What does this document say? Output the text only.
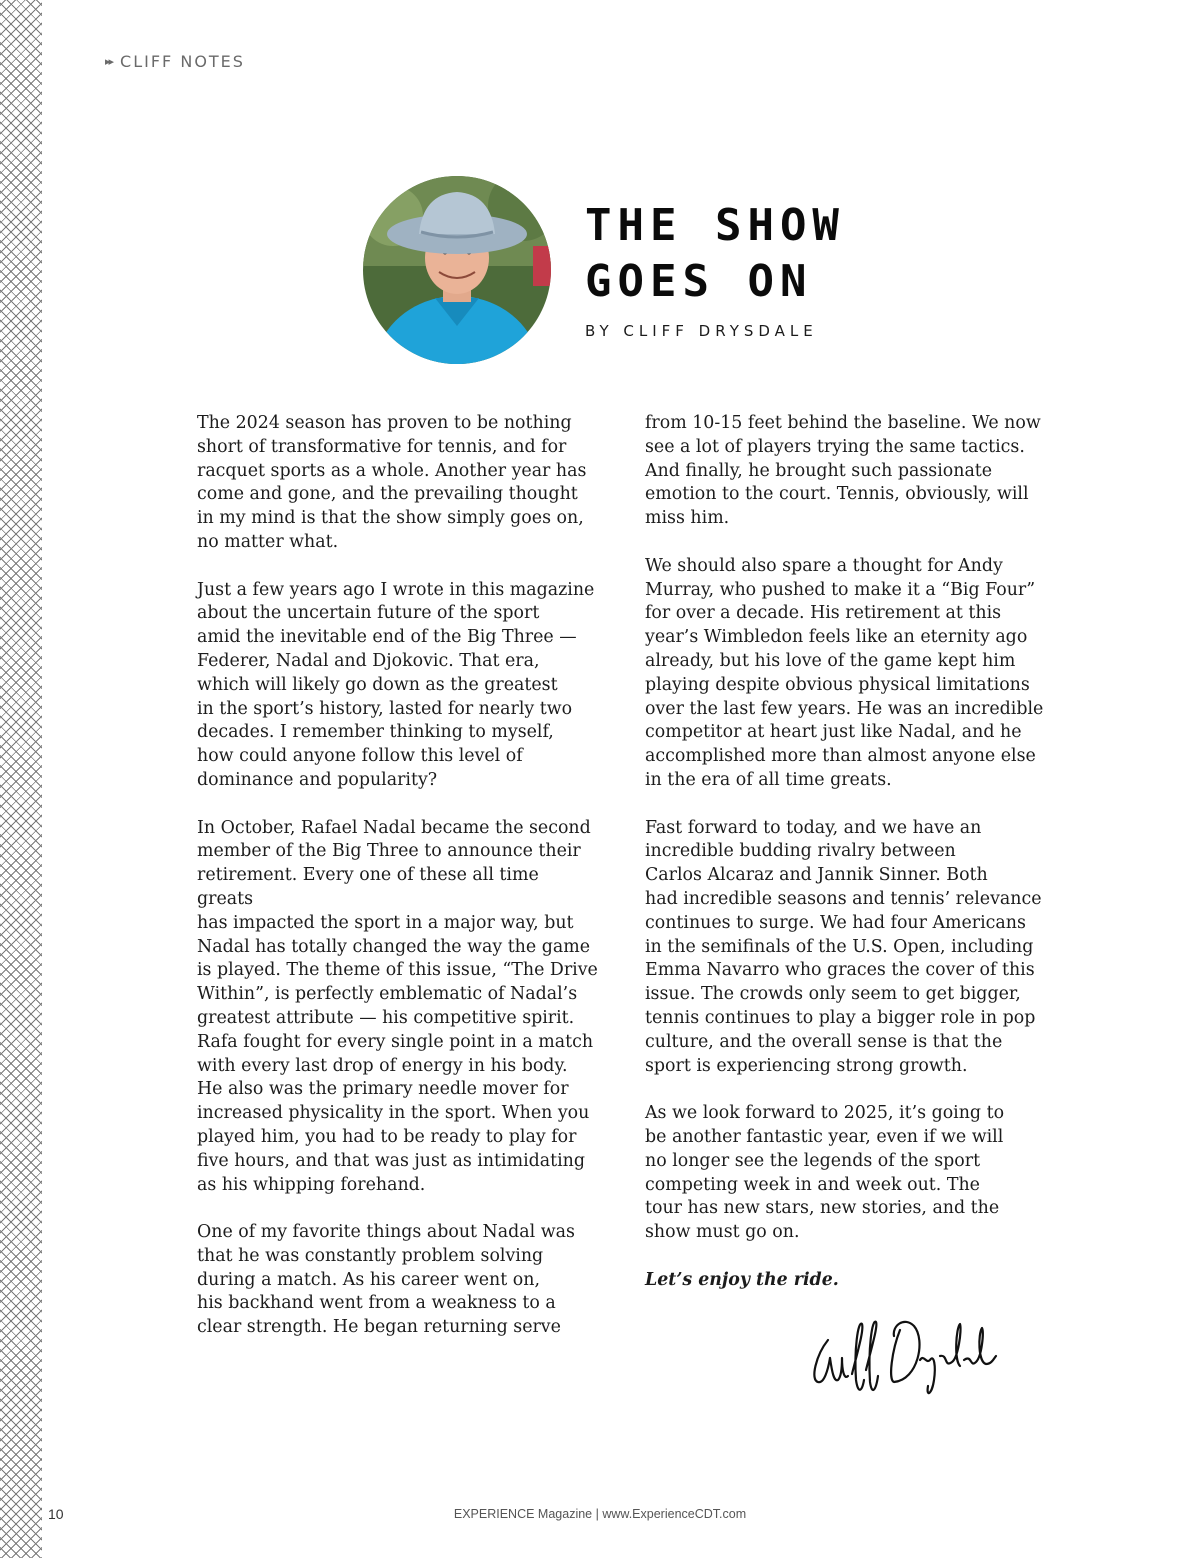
▸▸ CLIFF NOTES
THE SHOW
GOES ON
BY CLIFF DRYSDALE

The 2024 season has proven to be nothing
short of transformative for tennis, and for
racquet sports as a whole. Another year has
come and gone, and the prevailing thought
in my mind is that the show simply goes on,
no matter what.

Just a few years ago I wrote in this magazine
about the uncertain future of the sport
amid the inevitable end of the Big Three —
Federer, Nadal and Djokovic. That era,
which will likely go down as the greatest
in the sport’s history, lasted for nearly two
decades. I remember thinking to myself,
how could anyone follow this level of
dominance and popularity?

In October, Rafael Nadal became the second
member of the Big Three to announce their
retirement. Every one of these all time greats
has impacted the sport in a major way, but
Nadal has totally changed the way the game
is played. The theme of this issue, “The Drive
Within”, is perfectly emblematic of Nadal’s
greatest attribute — his competitive spirit.
Rafa fought for every single point in a match
with every last drop of energy in his body.
He also was the primary needle mover for
increased physicality in the sport. When you
played him, you had to be ready to play for
five hours, and that was just as intimidating
as his whipping forehand.

One of my favorite things about Nadal was
that he was constantly problem solving
during a match. As his career went on,
his backhand went from a weakness to a
clear strength. He began returning serve

from 10-15 feet behind the baseline. We now
see a lot of players trying the same tactics.
And finally, he brought such passionate
emotion to the court. Tennis, obviously, will
miss him.

We should also spare a thought for Andy
Murray, who pushed to make it a “Big Four”
for over a decade. His retirement at this
year’s Wimbledon feels like an eternity ago
already, but his love of the game kept him
playing despite obvious physical limitations
over the last few years. He was an incredible
competitor at heart just like Nadal, and he
accomplished more than almost anyone else
in the era of all time greats.

Fast forward to today, and we have an
incredible budding rivalry between
Carlos Alcaraz and Jannik Sinner. Both
had incredible seasons and tennis’ relevance
continues to surge. We had four Americans
in the semifinals of the U.S. Open, including
Emma Navarro who graces the cover of this
issue. The crowds only seem to get bigger,
tennis continues to play a bigger role in pop
culture, and the overall sense is that the
sport is experiencing strong growth.

As we look forward to 2025, it’s going to
be another fantastic year, even if we will
no longer see the legends of the sport
competing week in and week out. The
tour has new stars, new stories, and the
show must go on.

Let’s enjoy the ride.

10	EXPERIENCE Magazine | www.ExperienceCDT.com
